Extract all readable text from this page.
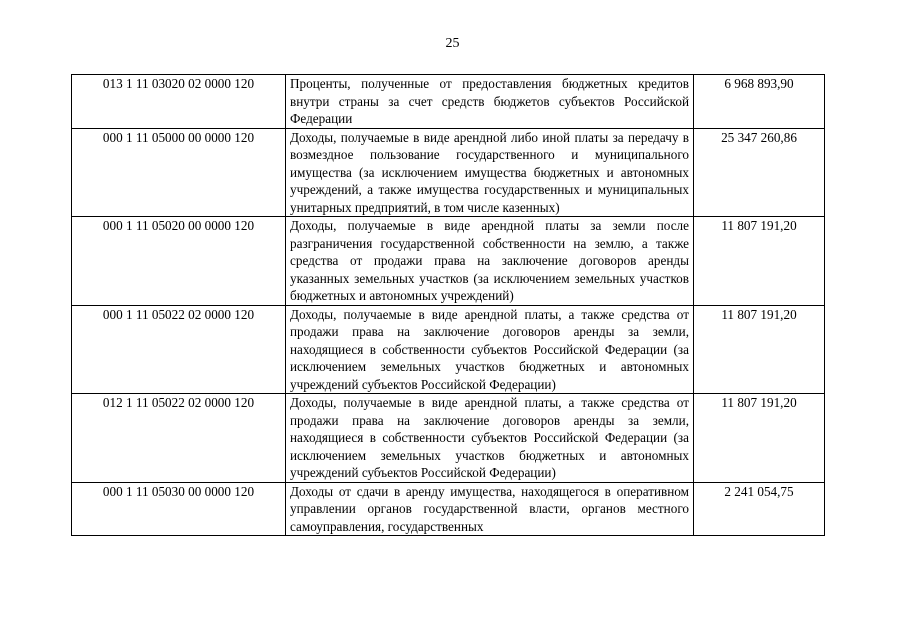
25
013 1 11 03020 02 0000 120	Проценты, полученные от предоставления бюджетных кредитов внутри страны за счет средств бюджетов субъектов Российской Федерации	6 968 893,90
000 1 11 05000 00 0000 120	Доходы, получаемые в виде арендной либо иной платы за передачу в возмездное пользование государственного и муниципального имущества (за исключением имущества бюджетных и автономных учреждений, а также имущества государственных и муниципальных унитарных предприятий, в том числе казенных)	25 347 260,86
000 1 11 05020 00 0000 120	Доходы, получаемые в виде арендной платы за земли после разграничения государственной собственности на землю, а также средства от продажи права на заключение договоров аренды указанных земельных участков (за исключением земельных участков бюджетных и автономных учреждений)	11 807 191,20
000 1 11 05022 02 0000 120	Доходы, получаемые в виде арендной платы, а также средства от продажи права на заключение договоров аренды за земли, находящиеся в собственности субъектов Российской Федерации (за исключением земельных участков бюджетных и автономных учреждений субъектов Российской Федерации)	11 807 191,20
012 1 11 05022 02 0000 120	Доходы, получаемые в виде арендной платы, а также средства от продажи права на заключение договоров аренды за земли, находящиеся в собственности субъектов Российской Федерации (за исключением земельных участков бюджетных и автономных учреждений субъектов Российской Федерации)	11 807 191,20
000 1 11 05030 00 0000 120	Доходы от сдачи в аренду имущества, находящегося в оперативном управлении органов государственной власти, органов местного самоуправления, государственных	2 241 054,75
